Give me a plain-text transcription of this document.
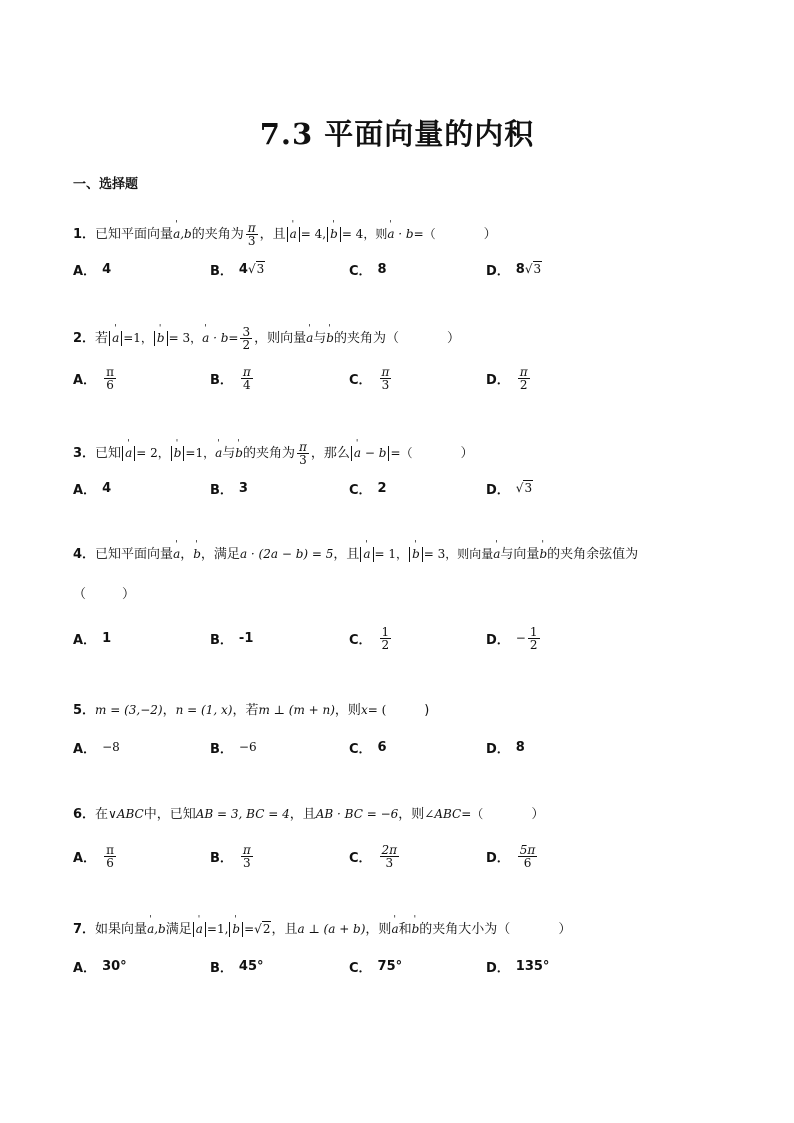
7.3 平面向量的内积
一、选择题
1．已知平面向量' a,b的夹角为 $\frac{\pi}{3}$ ，且 ' a = 4, ' b = 4，则' a · b=（	）
A． 4	B． 4 √3	C． 8	D． 8 √3
2．若 ' a =1， ' b = 3，' $a \cdot b= \frac{3}{2}$ ，则向量' a与' b的夹角为（	）
A． $\frac{\pi}{6}$	B． $\frac{\pi}{4}$	C． $\frac{\pi}{3}$	D． $\frac{\pi}{2}$
3．已知 ' a = 2， ' b =1，' a与' b的夹角为 $\frac{\pi}{3}$ ，那么 ' a − b =（	）
A． 4	B． 3	C． 2	D． √3
4．已知平面向量' a，' b，满足a · (2a − b) = 5，且 ' a = 1， ' b = 3，则向量' a与向量' b的夹角余弦值为
（	）
A． 1	B． -1	C． $\frac{1}{2}$	D． − $\frac{1}{2}$
5．m = (3,−2)，n = (1, x)，若m ⊥ (m + n)，则x= (	)
A． −8	B． −6	C． 6	D． 8
6．在∨ABC中，已知AB = 3, BC = 4，且AB · BC = −6，则∠ABC=（	）
A． $\frac{\pi}{6}$	B． $\frac{\pi}{3}$	C． $\frac{2\pi}{3}$	D． $\frac{5\pi}{6}$
7．如果向量' a,b满足 ' a =1, ' b =√2，且a ⊥ (a + b)，则' a和' b的夹角大小为（	）
A． 30°	B． 45°	C． 75°	D． 135°
